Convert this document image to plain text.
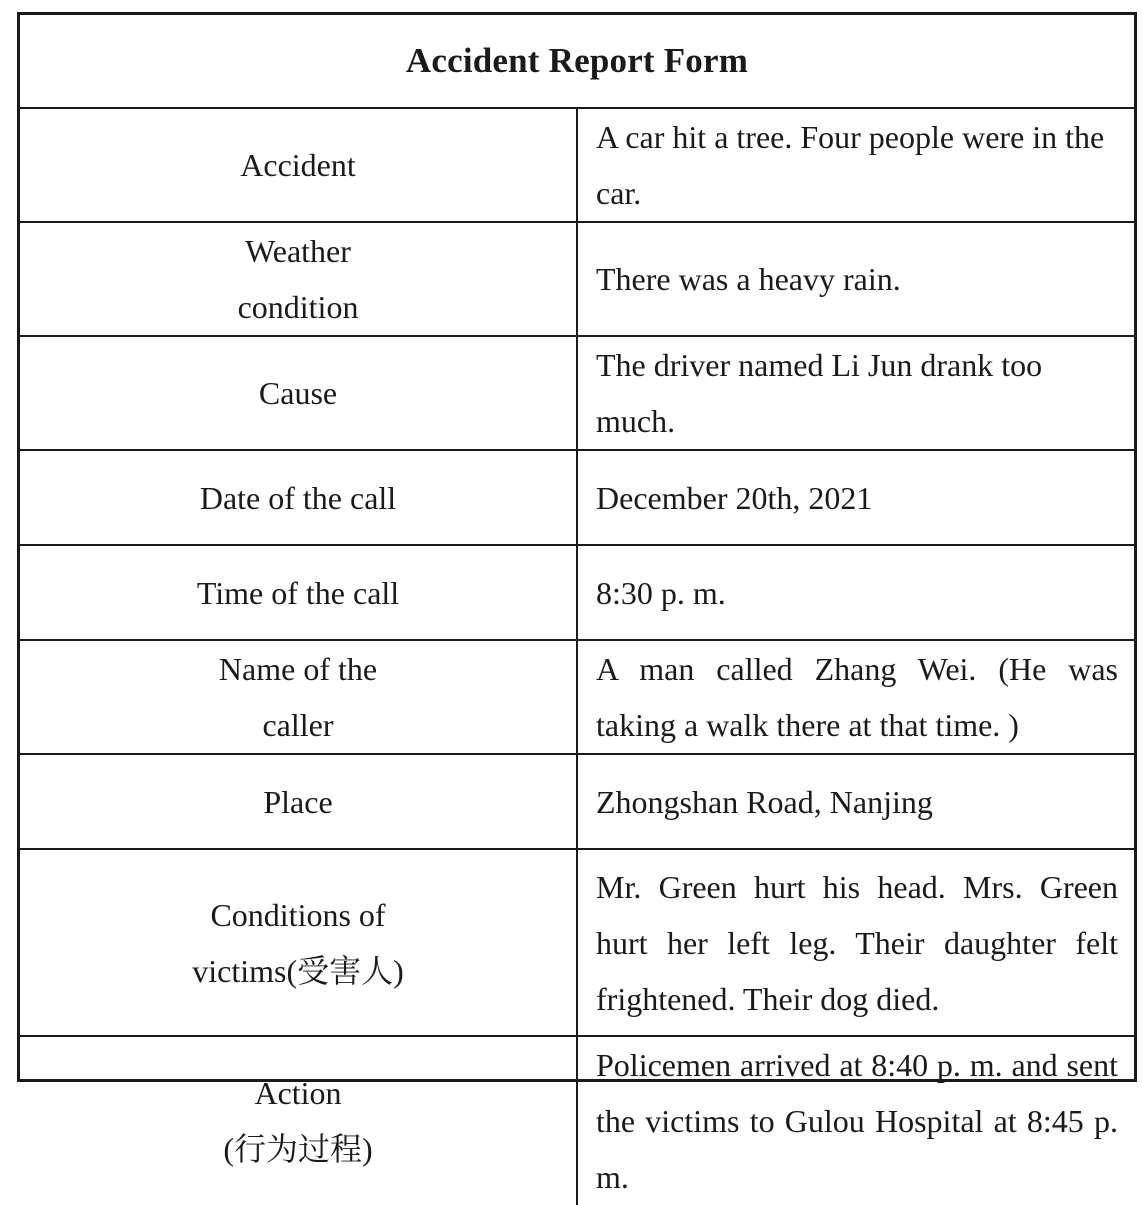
Accident Report Form	
Accident	A car hit a tree. Four people were in the car.

Weather
condition	There was a heavy rain.
Cause	The driver named Li Jun drank too much.
Date of the call	December 20th, 2021
Time of the call	8:30 p. m.

Name of the
caller	A man called Zhang Wei. (He was taking a walk there at that time. )
Place	Zhongshan Road, Nanjing

Conditions of
victims(受害人)	Mr. Green hurt his head. Mrs. Green hurt her left leg. Their daughter felt frightened. Their dog died.

Action
(行为过程)	Policemen arrived at 8:40 p. m. and sent the victims to Gulou Hospital at 8:45 p. m.
